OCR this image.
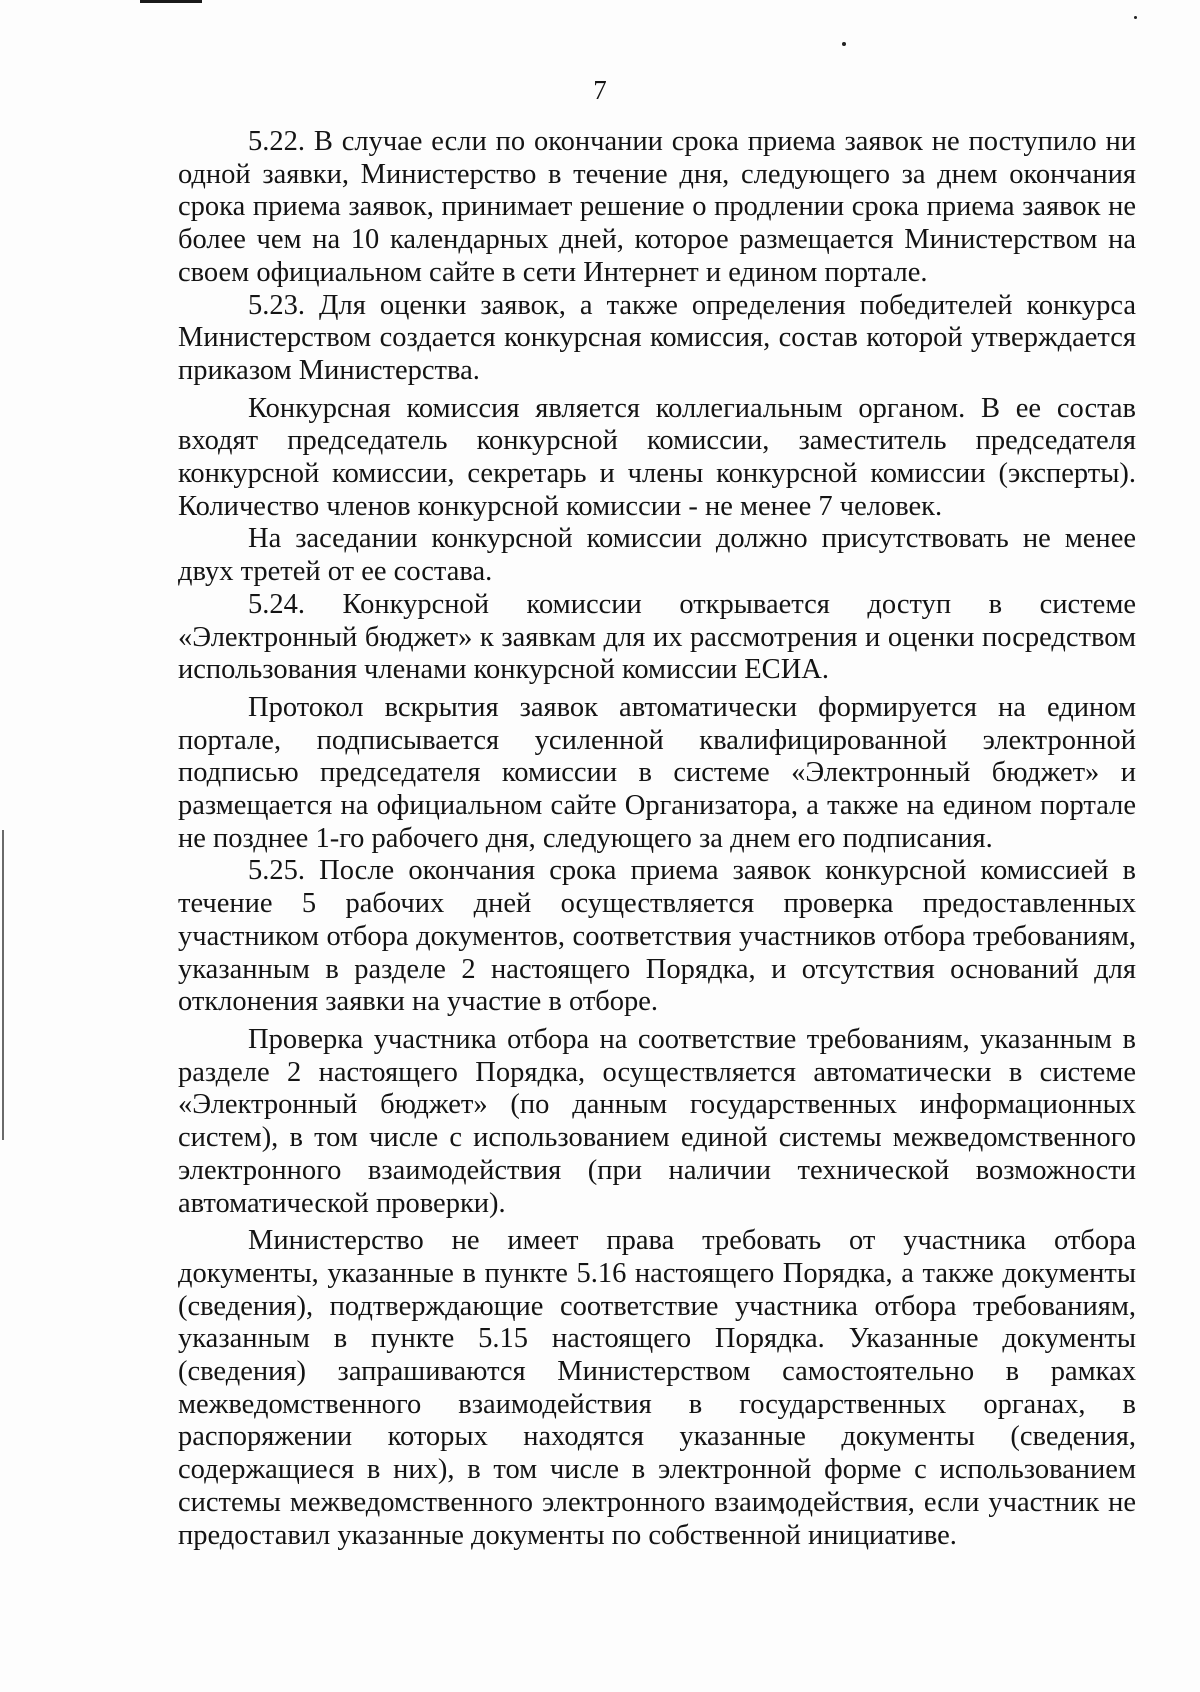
7

5.22. В случае если по окончании срока приема заявок не поступило ни одной заявки, Министерство в течение дня, следующего за днем окончания срока приема заявок, принимает решение о продлении срока приема заявок не более чем на 10 календарных дней, которое размещается Министерством на своем официальном сайте в сети Интернет и едином портале.

5.23. Для оценки заявок, а также определения победителей конкурса Министерством создается конкурсная комиссия, состав которой утверждается приказом Министерства.

Конкурсная комиссия является коллегиальным органом. В ее состав входят председатель конкурсной комиссии, заместитель председателя конкурсной комиссии, секретарь и члены конкурсной комиссии (эксперты). Количество членов конкурсной комиссии - не менее 7 человек.

На заседании конкурсной комиссии должно присутствовать не менее двух третей от ее состава.

5.24. Конкурсной комиссии открывается доступ в системе «Электронный бюджет» к заявкам для их рассмотрения и оценки посредством использования членами конкурсной комиссии ЕСИА.

Протокол вскрытия заявок автоматически формируется на едином портале, подписывается усиленной квалифицированной электронной подписью председателя комиссии в системе «Электронный бюджет» и размещается на официальном сайте Организатора, а также на едином портале не позднее 1-го рабочего дня, следующего за днем его подписания.

5.25. После окончания срока приема заявок конкурсной комиссией в течение 5 рабочих дней осуществляется проверка предоставленных участником отбора документов, соответствия участников отбора требованиям, указанным в разделе 2 настоящего Порядка, и отсутствия оснований для отклонения заявки на участие в отборе.

Проверка участника отбора на соответствие требованиям, указанным в разделе 2 настоящего Порядка, осуществляется автоматически в системе «Электронный бюджет» (по данным государственных информационных систем), в том числе с использованием единой системы межведомственного электронного взаимодействия (при наличии технической возможности автоматической проверки).

Министерство не имеет права требовать от участника отбора документы, указанные в пункте 5.16 настоящего Порядка, а также документы (сведения), подтверждающие соответствие участника отбора требованиям, указанным в пункте 5.15 настоящего Порядка. Указанные документы (сведения) запрашиваются Министерством самостоятельно в рамках межведомственного взаимодействия в государственных органах, в распоряжении которых находятся указанные документы (сведения, содержащиеся в них), в том числе в электронной форме с использованием системы межведомственного электронного взаимодействия, если участник не предоставил указанные документы по собственной инициативе.
